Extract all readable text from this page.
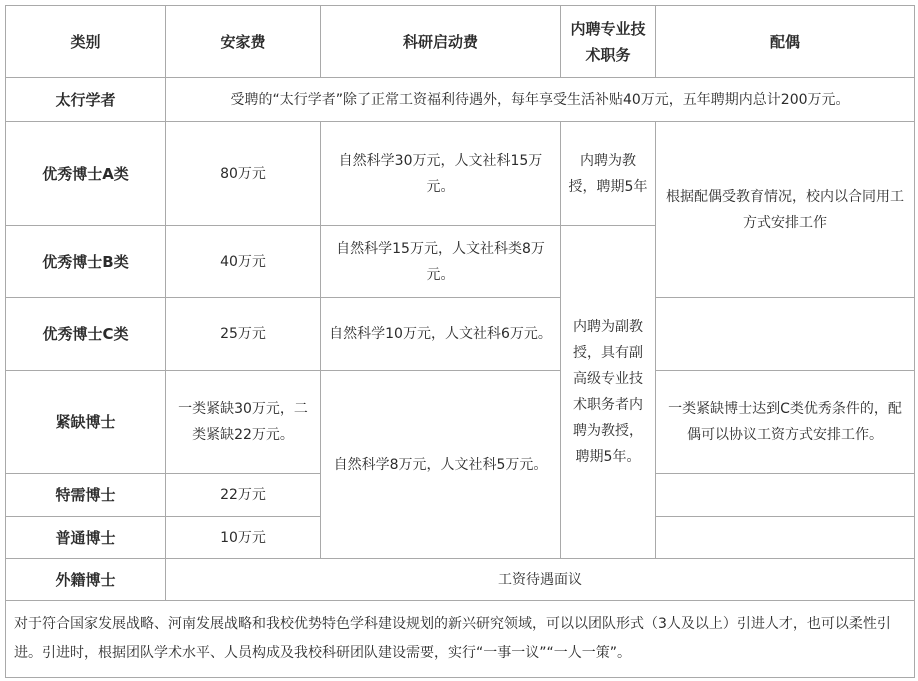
类别	安家费	科研启动费	内聘专业技术职务	配偶
太行学者	受聘的“太行学者”除了正常工资福利待遇外，每年享受生活补贴40万元，五年聘期内总计200万元。			
优秀博士A类	80万元	自然科学30万元，人文社科15万元。	内聘为教授，聘期5年	根据配偶受教育情况，校内以合同用工方式安排工作
优秀博士B类	40万元	自然科学15万元，人文社科类8万元。	内聘为副教授，具有副高级专业技术职务者内聘为教授，聘期5年。	
优秀博士C类	25万元	自然科学10万元，人文社科6万元。		
紧缺博士	一类紧缺30万元，二类紧缺22万元。	自然科学8万元，人文社科5万元。		一类紧缺博士达到C类优秀条件的，配偶可以协议工资方式安排工作。
特需博士	22万元			
普通博士	10万元			
外籍博士	工资待遇面议			
对于符合国家发展战略、河南发展战略和我校优势特色学科建设规划的新兴研究领域，可以以团队形式（3人及以上）引进人才，也可以柔性引进。引进时，根据团队学术水平、人员构成及我校科研团队建设需要，实行“一事一议”“一人一策”。				
